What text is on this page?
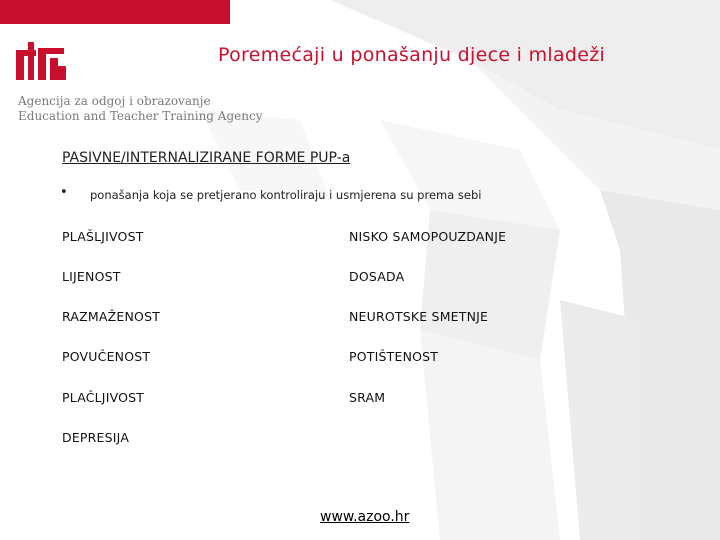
Agencija za odgoj i obrazovanje
Education and Teacher Training Agency
Poremećaji u ponašanju djece i mladeži
PASIVNE/INTERNALIZIRANE FORME PUP-a
• ponašanja koja se pretjerano kontroliraju i usmjerena su prema sebi
PLAŠLJIVOST
LIJENOST
RAZMAŽENOST
POVUČENOST
PLAČLJIVOST
DEPRESIJA
NISKO SAMOPOUZDANJE
DOSADA
NEUROTSKE SMETNJE
POTIŠTENOST
SRAM
www.azoo.hr
